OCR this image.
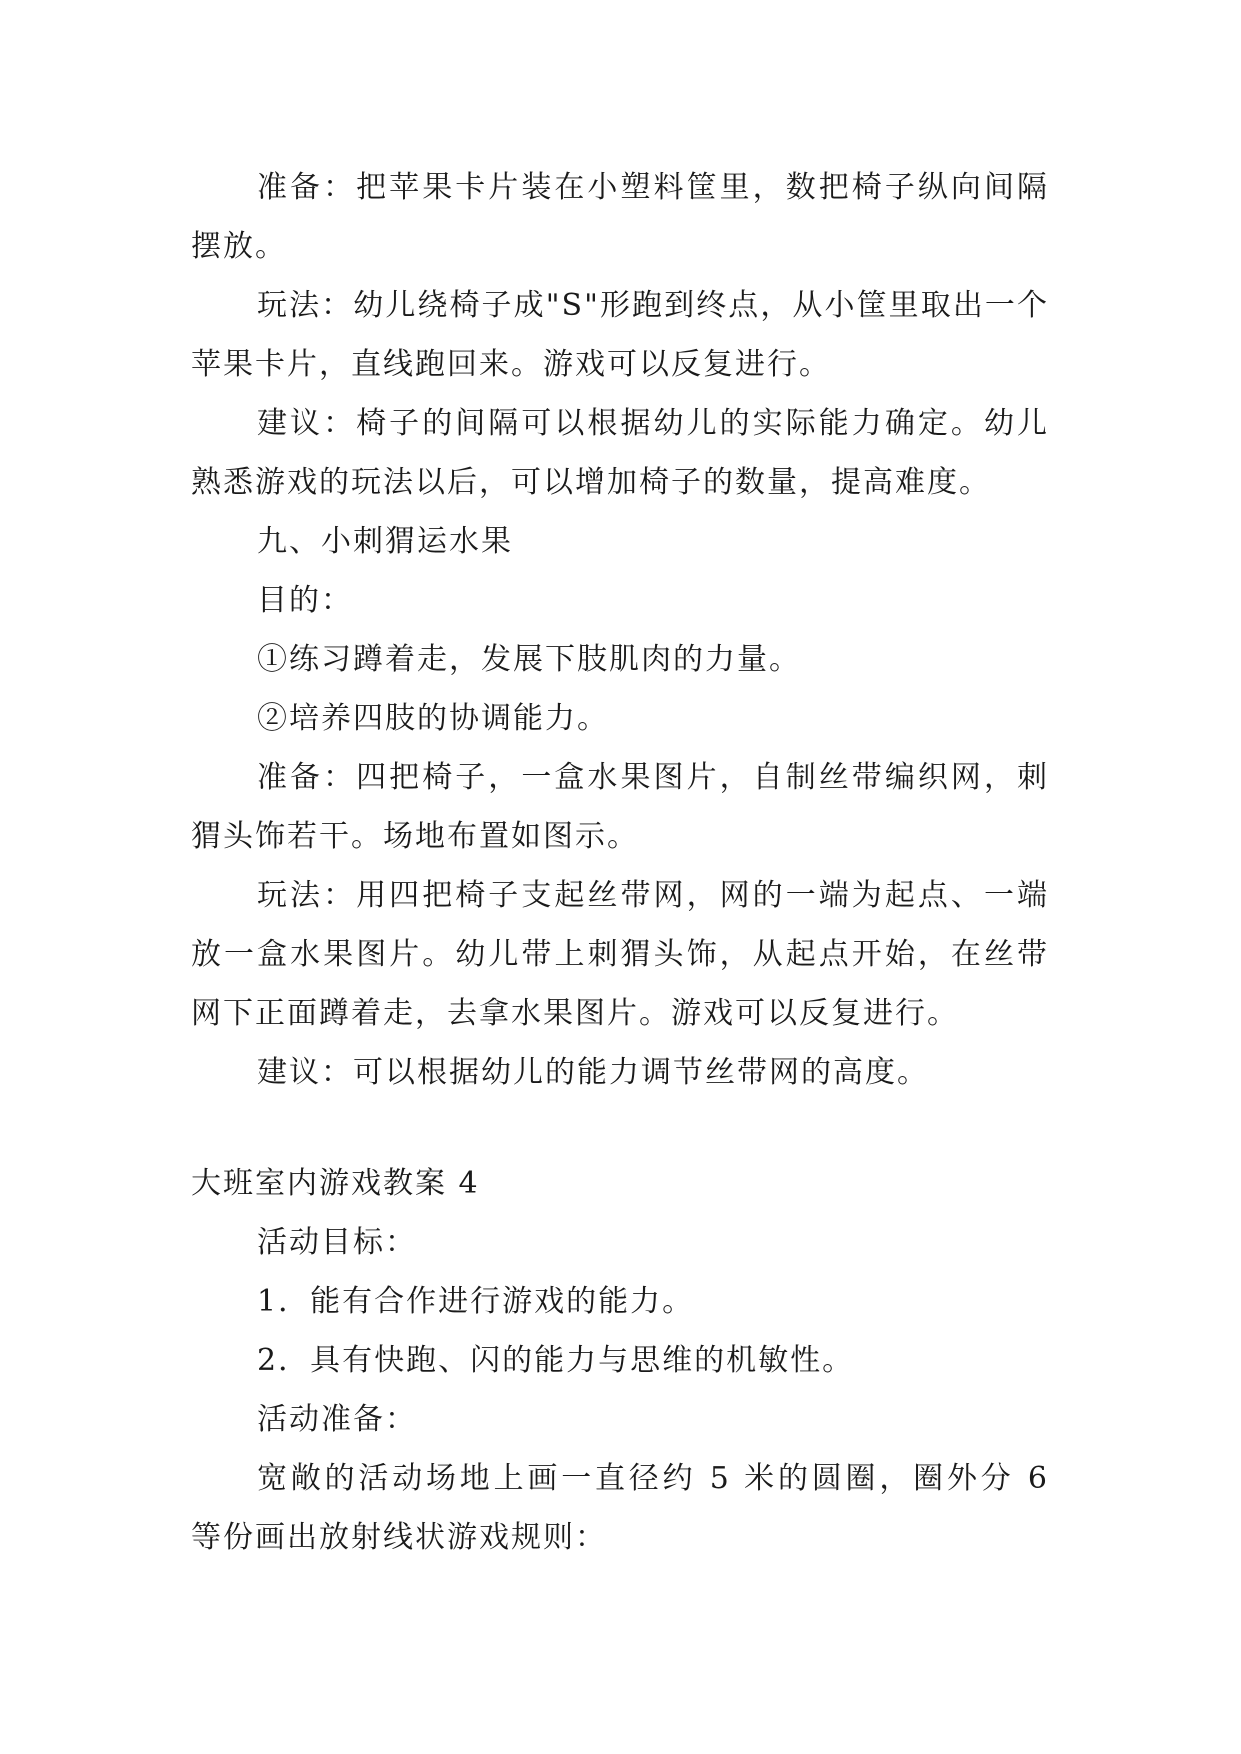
准备：把苹果卡片装在小塑料筐里，数把椅子纵向间隔摆放。

玩法：幼儿绕椅子成"S"形跑到终点，从小筐里取出一个苹果卡片，直线跑回来。游戏可以反复进行。

建议：椅子的间隔可以根据幼儿的实际能力确定。幼儿熟悉游戏的玩法以后，可以增加椅子的数量，提高难度。

九、小刺猬运水果

目的：

①练习蹲着走，发展下肢肌肉的力量。

②培养四肢的协调能力。

准备：四把椅子，一盒水果图片，自制丝带编织网，刺猬头饰若干。场地布置如图示。

玩法：用四把椅子支起丝带网，网的一端为起点、一端放一盒水果图片。幼儿带上刺猬头饰，从起点开始，在丝带网下正面蹲着走，去拿水果图片。游戏可以反复进行。

建议：可以根据幼儿的能力调节丝带网的高度。

大班室内游戏教案 4

活动目标：

1．能有合作进行游戏的能力。

2．具有快跑、闪的能力与思维的机敏性。

活动准备：

宽敞的活动场地上画一直径约 5 米的圆圈，圈外分 6 等份画出放射线状游戏规则：
